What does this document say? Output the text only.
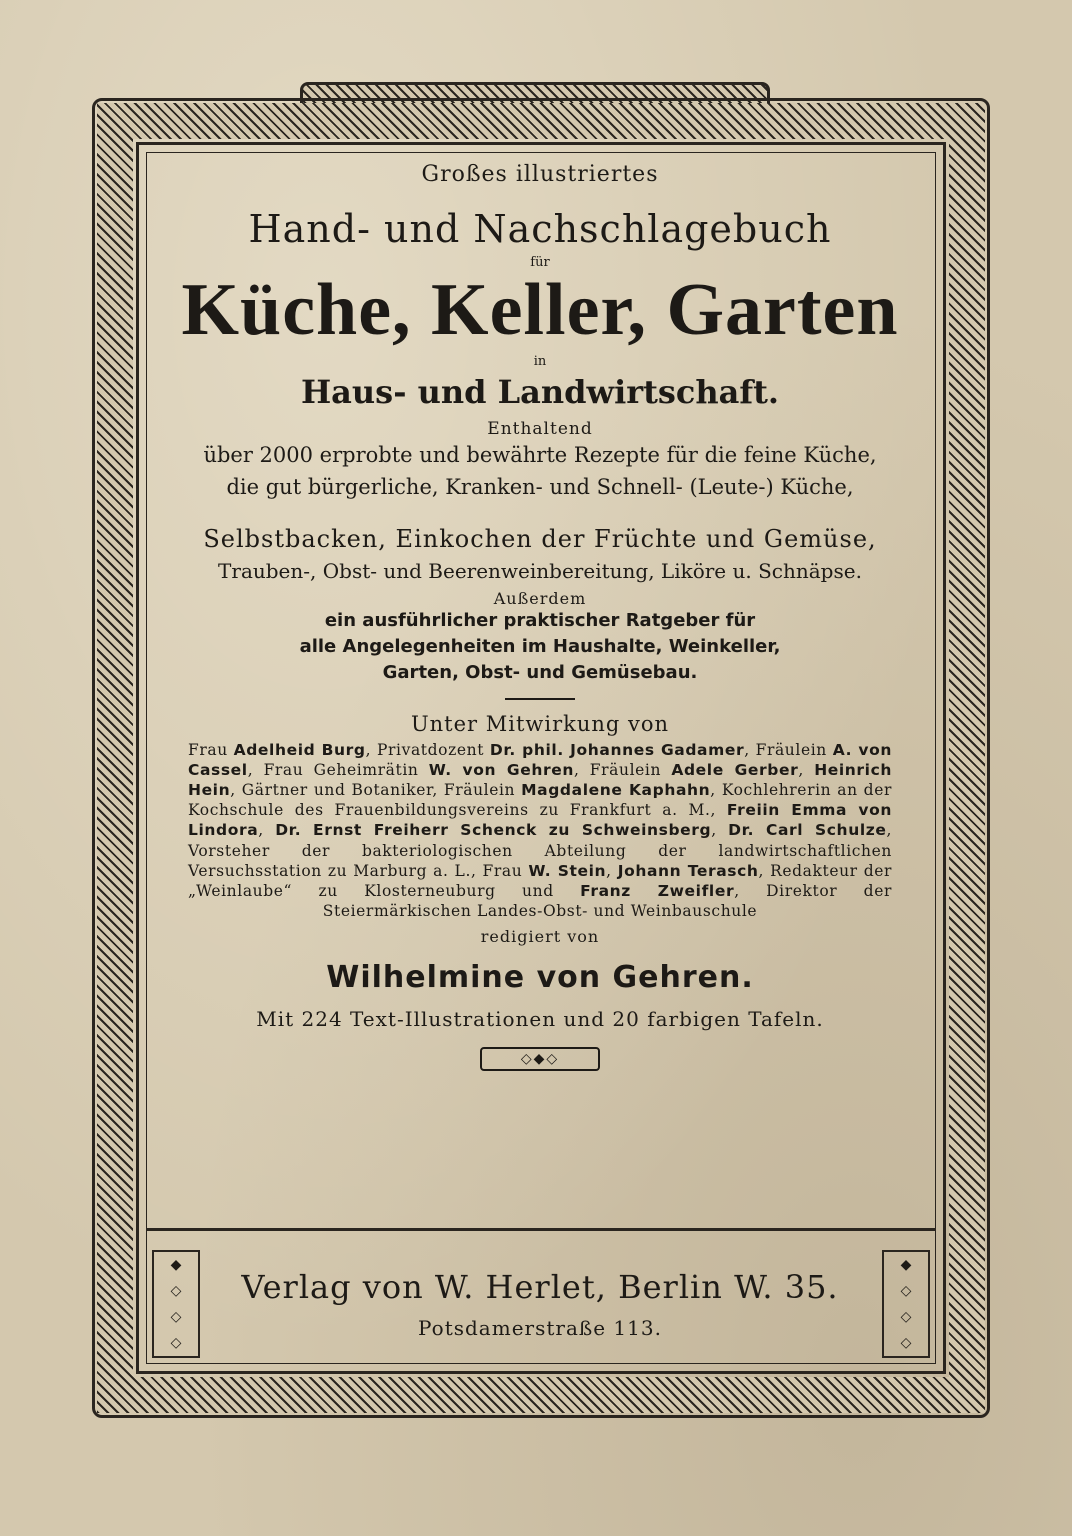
◆
◇
◇
◇
◆
◇
◇
◇
Großes illustriertes
Hand- und Nachschlagebuch
für
Küche, Keller, Garten
in
Haus- und Landwirtschaft.
Enthaltend
über 2000 erprobte und bewährte Rezepte für die feine Küche,
die gut bürgerliche, Kranken- und Schnell- (Leute-) Küche,
Selbstbacken, Einkochen der Früchte und Gemüse,
Trauben-, Obst- und Beerenweinbereitung, Liköre u. Schnäpse.
Außerdem
ein ausführlicher praktischer Ratgeber für
alle Angelegenheiten im Haushalte, Weinkeller,
Garten, Obst- und Gemüsebau.
Unter Mitwirkung von
Frau Adelheid Burg, Privatdozent Dr. phil. Johannes Gadamer, Fräulein A. von Cassel, Frau Geheimrätin W. von Gehren, Fräulein Adele Gerber, Heinrich Hein, Gärtner und Botaniker, Fräulein Magdalene Kaphahn, Kochlehrerin an der Kochschule des Frauenbildungsvereins zu Frankfurt a. M., Freiin Emma von Lindora, Dr. Ernst Freiherr Schenck zu Schweinsberg, Dr. Carl Schulze, Vorsteher der bakteriologischen Abteilung der landwirtschaftlichen Versuchsstation zu Marburg a. L., Frau W. Stein, Johann Terasch, Redakteur der „Weinlaube“ zu Klosterneuburg und Franz Zweifler, Direktor der Steiermärkischen Landes-Obst- und Weinbauschule
redigiert von
Wilhelmine von Gehren.
Mit 224 Text-Illustrationen und 20 farbigen Tafeln.
◇◆◇
Verlag von W. Herlet, Berlin W. 35.
Potsdamerstraße 113.
